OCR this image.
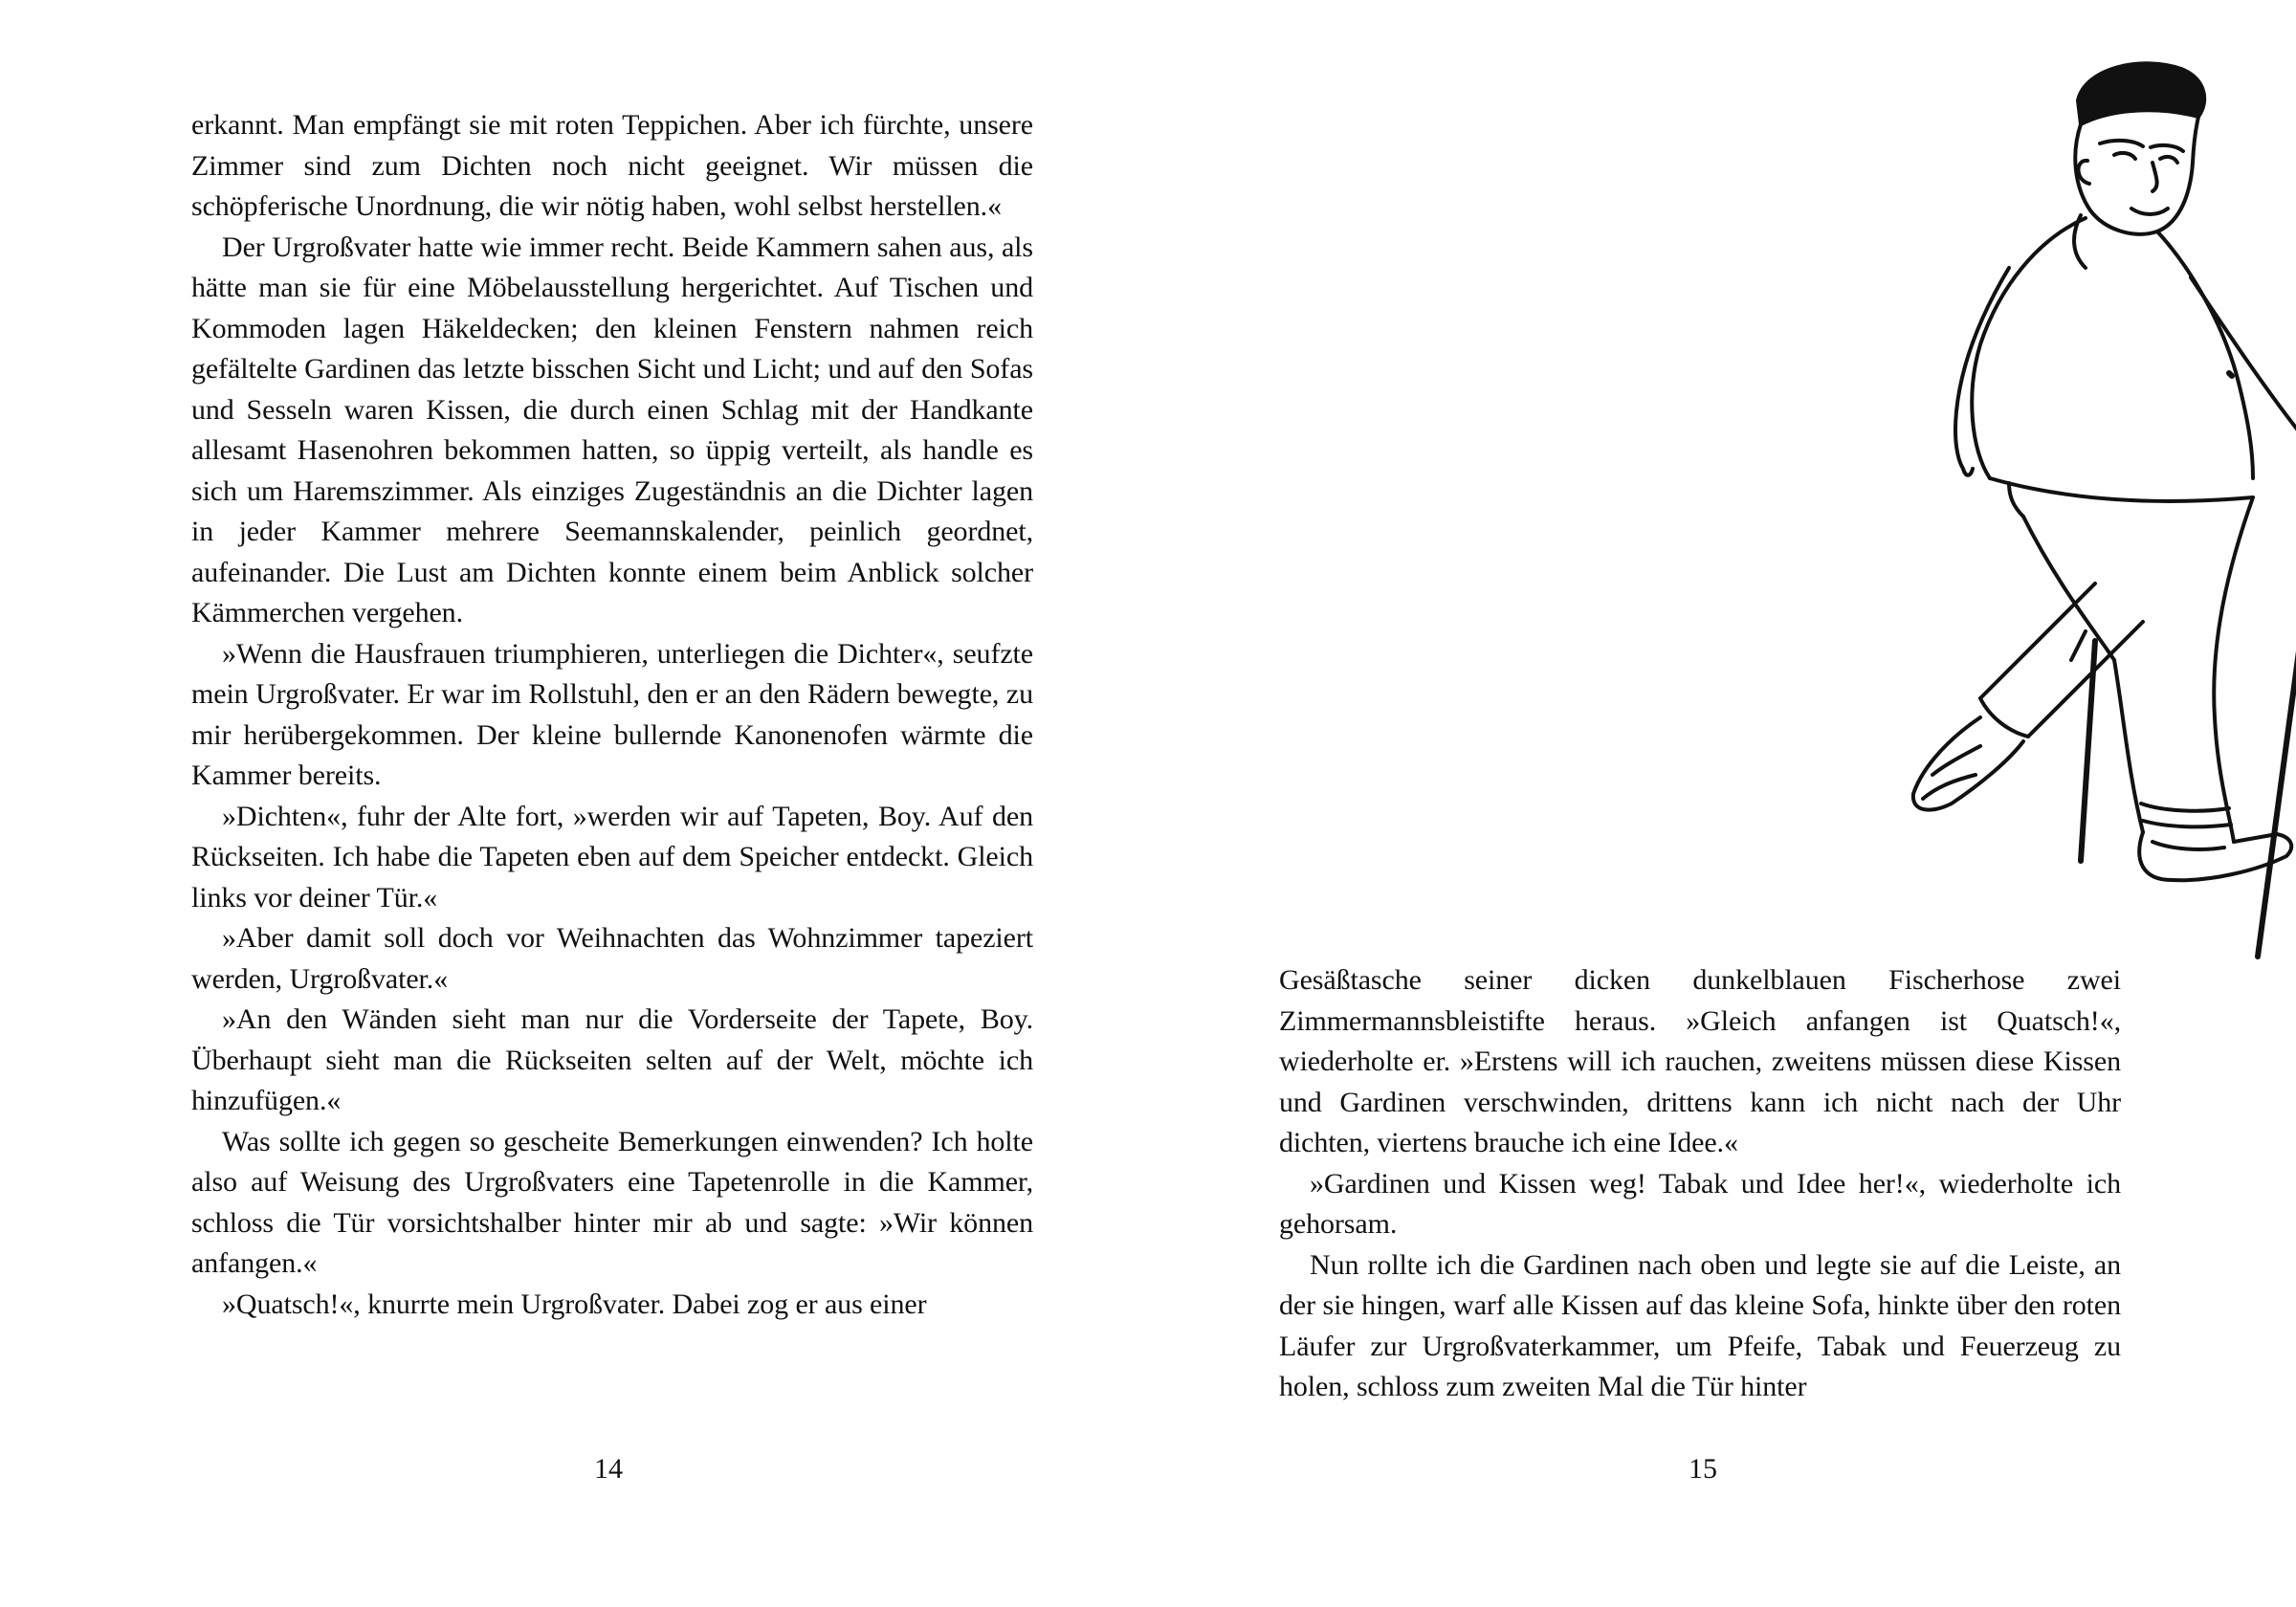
erkannt. Man empfängt sie mit roten Teppichen. Aber ich fürchte, unsere Zimmer sind zum Dichten noch nicht geeignet. Wir müssen die schöpferische Unordnung, die wir nötig haben, wohl selbst herstellen.«

Der Urgroßvater hatte wie immer recht. Beide Kammern sahen aus, als hätte man sie für eine Möbelausstellung hergerichtet. Auf Tischen und Kommoden lagen Häkeldecken; den kleinen Fenstern nahmen reich gefältelte Gardinen das letzte bisschen Sicht und Licht; und auf den Sofas und Sesseln waren Kissen, die durch einen Schlag mit der Handkante allesamt Hasenohren bekommen hatten, so üppig verteilt, als handle es sich um Haremszimmer. Als einziges Zugeständnis an die Dichter lagen in jeder Kammer mehrere Seemannskalender, peinlich geordnet, aufeinander. Die Lust am Dichten konnte einem beim Anblick solcher Kämmerchen vergehen.

»Wenn die Hausfrauen triumphieren, unterliegen die Dichter«, seufzte mein Urgroßvater. Er war im Rollstuhl, den er an den Rädern bewegte, zu mir herübergekommen. Der kleine bullernde Kanonenofen wärmte die Kammer bereits.

»Dichten«, fuhr der Alte fort, »werden wir auf Tapeten, Boy. Auf den Rückseiten. Ich habe die Tapeten eben auf dem Speicher entdeckt. Gleich links vor deiner Tür.«

»Aber damit soll doch vor Weihnachten das Wohnzimmer tapeziert werden, Urgroßvater.«

»An den Wänden sieht man nur die Vorderseite der Tapete, Boy. Überhaupt sieht man die Rückseiten selten auf der Welt, möchte ich hinzufügen.«

Was sollte ich gegen so gescheite Bemerkungen einwenden? Ich holte also auf Weisung des Urgroßvaters eine Tapetenrolle in die Kammer, schloss die Tür vorsichtshalber hinter mir ab und sagte: »Wir können anfangen.«

»Quatsch!«, knurrte mein Urgroßvater. Dabei zog er aus einer

14

Gesäßtasche seiner dicken dunkelblauen Fischerhose zwei Zimmermannsbleistifte heraus. »Gleich anfangen ist Quatsch!«, wiederholte er. »Erstens will ich rauchen, zweitens müssen diese Kissen und Gardinen verschwinden, drittens kann ich nicht nach der Uhr dichten, viertens brauche ich eine Idee.«

»Gardinen und Kissen weg! Tabak und Idee her!«, wiederholte ich gehorsam.

Nun rollte ich die Gardinen nach oben und legte sie auf die Leiste, an der sie hingen, warf alle Kissen auf das kleine Sofa, hinkte über den roten Läufer zur Urgroßvaterkammer, um Pfeife, Tabak und Feuerzeug zu holen, schloss zum zweiten Mal die Tür hinter

15
